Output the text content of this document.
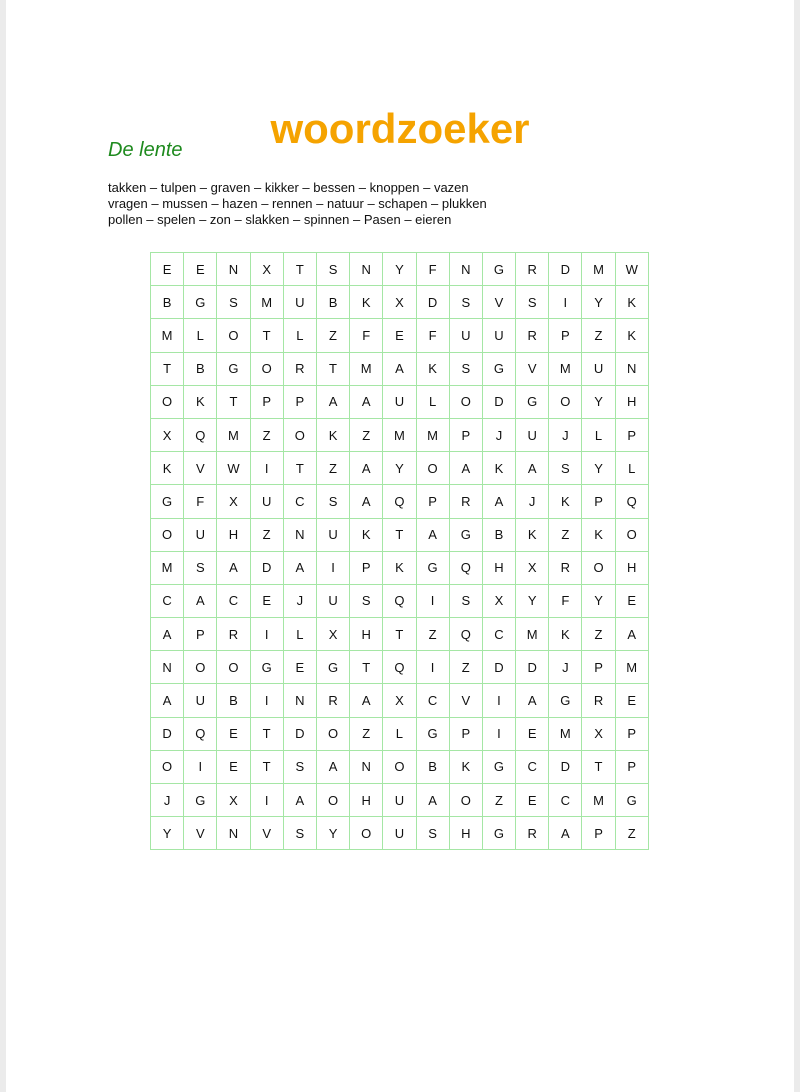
woordzoeker
De lente
takken – tulpen – graven – kikker – bessen – knoppen – vazen
vragen – mussen – hazen – rennen – natuur – schapen – plukken
pollen – spelen – zon – slakken – spinnen – Pasen – eieren
E	E	N	X	T	S	N	Y	F	N	G	R	D	M	W
B	G	S	M	U	B	K	X	D	S	V	S	I	Y	K
M	L	O	T	L	Z	F	E	F	U	U	R	P	Z	K
T	B	G	O	R	T	M	A	K	S	G	V	M	U	N
O	K	T	P	P	A	A	U	L	O	D	G	O	Y	H
X	Q	M	Z	O	K	Z	M	M	P	J	U	J	L	P
K	V	W	I	T	Z	A	Y	O	A	K	A	S	Y	L
G	F	X	U	C	S	A	Q	P	R	A	J	K	P	Q
O	U	H	Z	N	U	K	T	A	G	B	K	Z	K	O
M	S	A	D	A	I	P	K	G	Q	H	X	R	O	H
C	A	C	E	J	U	S	Q	I	S	X	Y	F	Y	E
A	P	R	I	L	X	H	T	Z	Q	C	M	K	Z	A
N	O	O	G	E	G	T	Q	I	Z	D	D	J	P	M
A	U	B	I	N	R	A	X	C	V	I	A	G	R	E
D	Q	E	T	D	O	Z	L	G	P	I	E	M	X	P
O	I	E	T	S	A	N	O	B	K	G	C	D	T	P
J	G	X	I	A	O	H	U	A	O	Z	E	C	M	G
Y	V	N	V	S	Y	O	U	S	H	G	R	A	P	Z
